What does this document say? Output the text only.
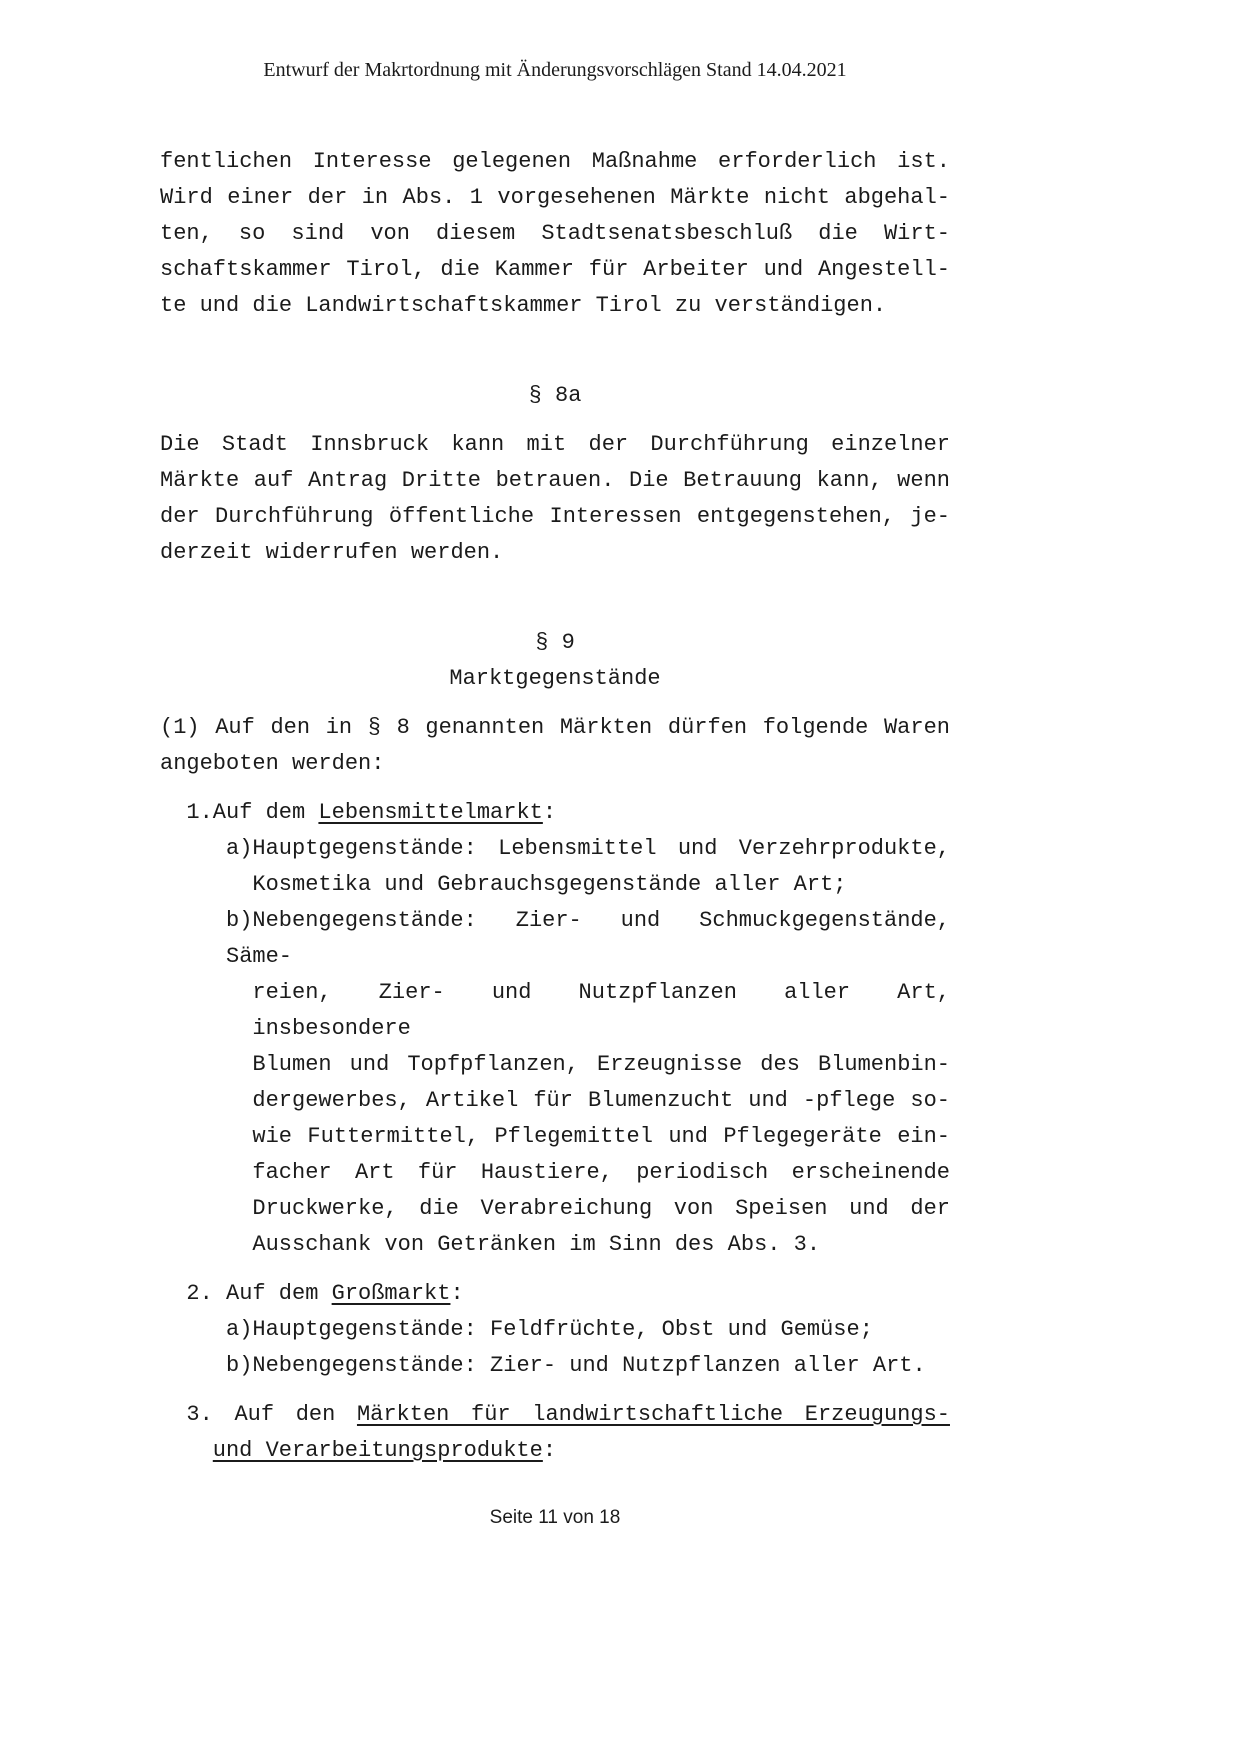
Entwurf der Makrtordnung mit Änderungsvorschlägen Stand 14.04.2021
fentlichen Interesse gelegenen Maßnahme erforderlich ist.
Wird einer der in Abs. 1 vorgesehenen Märkte nicht abgehal-
ten, so sind von diesem Stadtsenatsbeschluß die Wirt-
schaftskammer Tirol, die Kammer für Arbeiter und Angestell-
te und die Landwirtschaftskammer Tirol zu verständigen.
§ 8a
Die Stadt Innsbruck kann mit der Durchführung einzelner
Märkte auf Antrag Dritte betrauen. Die Betrauung kann, wenn
der Durchführung öffentliche Interessen entgegenstehen, je-
derzeit widerrufen werden.
§ 9
Marktgegenstände
(1) Auf den in § 8 genannten Märkten dürfen folgende Waren
angeboten werden:
1.Auf dem Lebensmittelmarkt:
a)Hauptgegenstände: Lebensmittel und Verzehrprodukte,
Kosmetika und Gebrauchsgegenstände aller Art;
b)Nebengegenstände: Zier- und Schmuckgegenstände, Säme-
reien, Zier- und Nutzpflanzen aller Art, insbesondere
Blumen und Topfpflanzen, Erzeugnisse des Blumenbin-
dergewerbes, Artikel für Blumenzucht und -pflege so-
wie Futtermittel, Pflegemittel und Pflegegeräte ein-
facher Art für Haustiere, periodisch erscheinende
Druckwerke, die Verabreichung von Speisen und der
Ausschank von Getränken im Sinn des Abs. 3.
2. Auf dem Großmarkt:
a)Hauptgegenstände: Feldfrüchte, Obst und Gemüse;
b)Nebengegenstände: Zier- und Nutzpflanzen aller Art.
3. Auf den Märkten für landwirtschaftliche Erzeugungs-
und Verarbeitungsprodukte:
Seite 11 von 18
